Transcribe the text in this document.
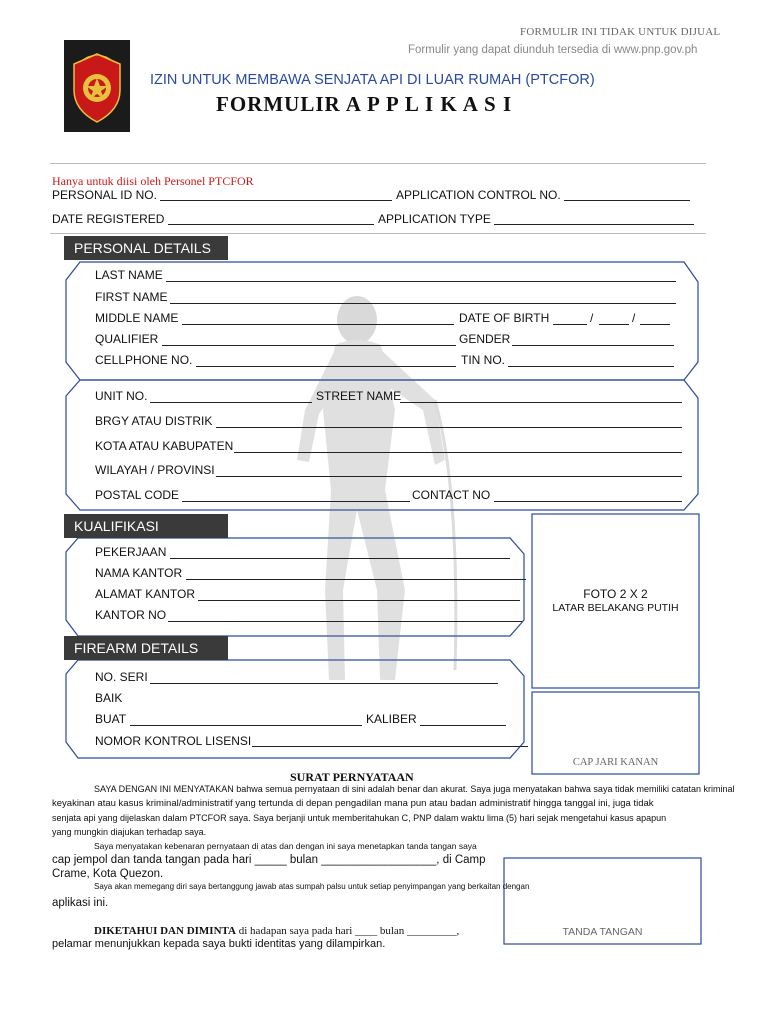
FORMULIR INI TIDAK UNTUK DIJUAL
Formulir yang dapat diunduh tersedia di www.pnp.gov.ph
IZIN UNTUK MEMBAWA SENJATA API DI LUAR RUMAH (PTCFOR)
FORMULIR A P P L I K A S I
Hanya untuk diisi oleh Personel PTCFOR
PERSONAL ID NO.	APPLICATION CONTROL NO.
DATE REGISTERED	APPLICATION TYPE
PERSONAL DETAILS
LAST NAME
FIRST NAME
MIDDLE NAME	DATE OF BIRTH	/	/
QUALIFIER	GENDER
CELLPHONE NO.	TIN NO.
UNIT NO.	STREET NAME
BRGY ATAU DISTRIK
KOTA ATAU KABUPATEN
WILAYAH / PROVINSI
POSTAL CODE	CONTACT NO
KUALIFIKASI
PEKERJAAN
NAMA KANTOR
ALAMAT KANTOR
KANTOR NO
FOTO 2 X 2
LATAR BELAKANG PUTIH
FIREARM DETAILS
NO. SERI
BAIK
BUAT	KALIBER
NOMOR KONTROL LISENSI
CAP JARI KANAN
SURAT PERNYATAAN
SAYA DENGAN INI MENYATAKAN bahwa semua pernyataan di sini adalah benar dan akurat. Saya juga menyatakan bahwa saya tidak memiliki catatan kriminal
keyakinan atau kasus kriminal/administratif yang tertunda di depan pengadilan mana pun atau badan administratif hingga tanggal ini, juga tidak
senjata api yang dijelaskan dalam PTCFOR saya. Saya berjanji untuk memberitahukan C, PNP dalam waktu lima (5) hari sejak mengetahui kasus apapun
yang mungkin diajukan terhadap saya.
Saya menyatakan kebenaran pernyataan di atas dan dengan ini saya menetapkan tanda tangan saya
cap jempol dan tanda tangan pada hari _____ bulan __________________, di Camp
Crame, Kota Quezon.
Saya akan memegang diri saya bertanggung jawab atas sumpah palsu untuk setiap penyimpangan yang berkaitan dengan
aplikasi ini.
DIKETAHUI DAN DIMINTA di hadapan saya pada hari ____ bulan _________,
pelamar menunjukkan kepada saya bukti identitas yang dilampirkan.
TANDA TANGAN
